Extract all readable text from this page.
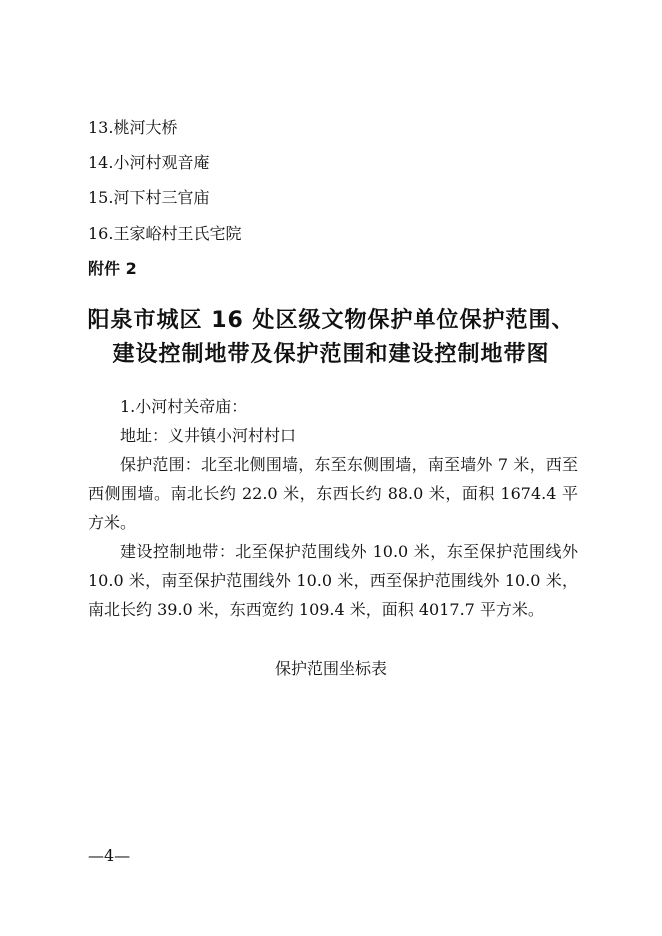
13.桃河大桥
14.小河村观音庵
15.河下村三官庙
16.王家峪村王氏宅院
附件 2
阳泉市城区 16 处区级文物保护单位保护范围、
建设控制地带及保护范围和建设控制地带图
1.小河村关帝庙：
地址：义井镇小河村村口
保护范围：北至北侧围墙，东至东侧围墙，南至墙外 7 米，西至西侧围墙。南北长约 22.0 米，东西长约 88.0 米，面积 1674.4 平方米。
建设控制地带：北至保护范围线外 10.0 米，东至保护范围线外 10.0 米，南至保护范围线外 10.0 米，西至保护范围线外 10.0 米，南北长约 39.0 米，东西宽约 109.4 米，面积 4017.7 平方米。
保护范围坐标表
—4—
